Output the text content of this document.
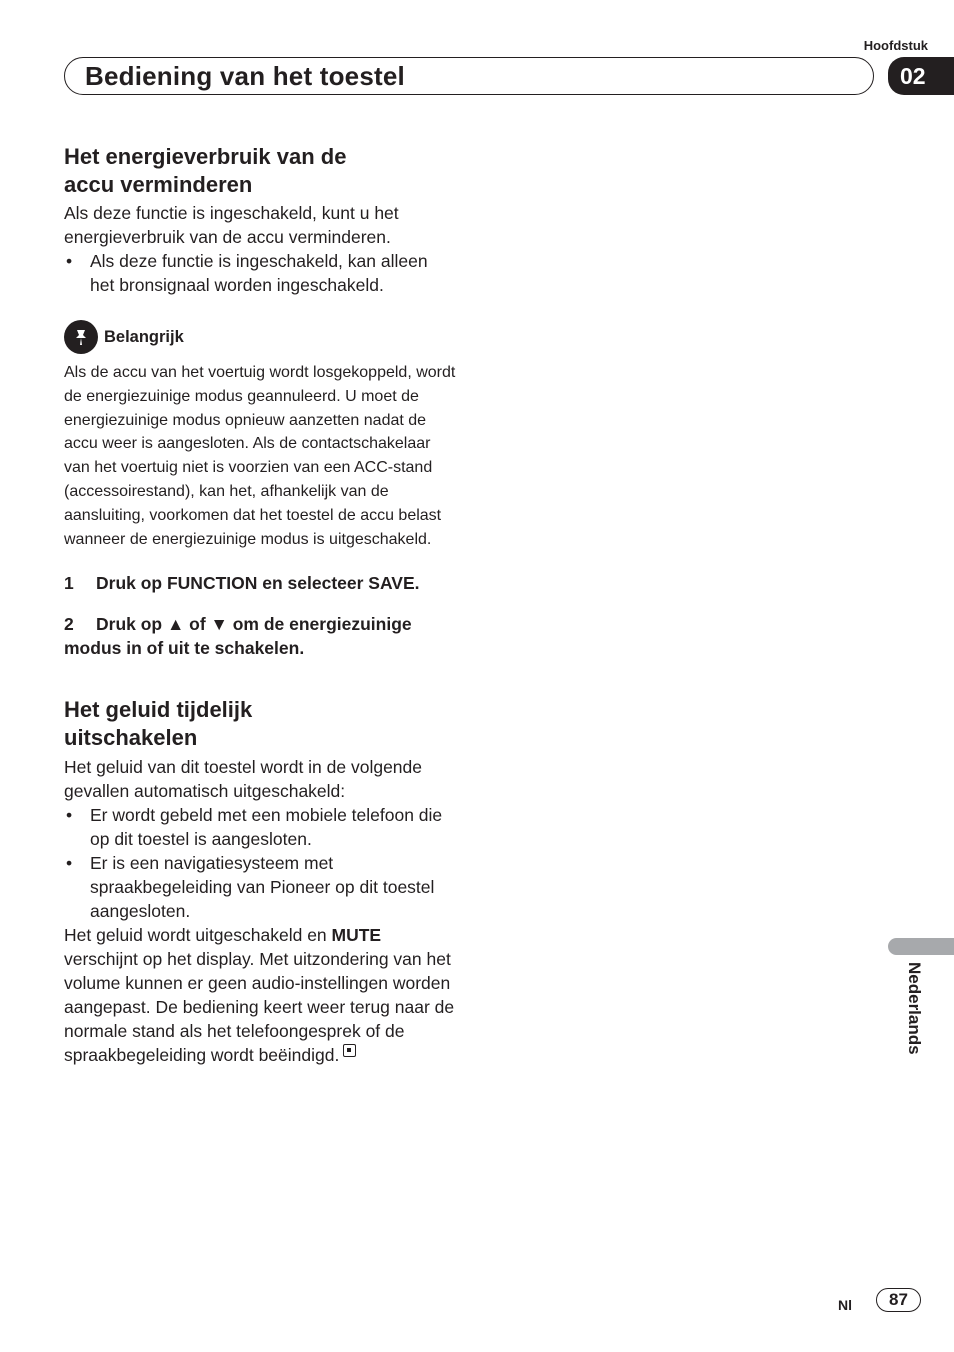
Hoofdstuk
Bediening van het toestel	02
Het energieverbruik van de
accu verminderen

Als deze functie is ingeschakeld, kunt u het energieverbruik van de accu verminderen.

• Als deze functie is ingeschakeld, kan alleen het bronsignaal worden ingeschakeld.
Belangrijk

Als de accu van het voertuig wordt losgekoppeld, wordt de energiezuinige modus geannuleerd. U moet de energiezuinige modus opnieuw aanzetten nadat de accu weer is aangesloten. Als de contactschakelaar van het voertuig niet is voorzien van een ACC-stand (accessoirestand), kan het, afhankelijk van de aansluiting, voorkomen dat het toestel de accu belast wanneer de energiezuinige modus is uitgeschakeld.

1 Druk op FUNCTION en selecteer SAVE.

2 Druk op ▲ of ▼ om de energiezuinige modus in of uit te schakelen.

Het geluid tijdelijk
uitschakelen

Het geluid van dit toestel wordt in de volgende gevallen automatisch uitgeschakeld:

• Er wordt gebeld met een mobiele telefoon die op dit toestel is aangesloten.
• Er is een navigatiesysteem met spraakbegeleiding van Pioneer op dit toestel aangesloten.

Het geluid wordt uitgeschakeld en MUTE verschijnt op het display. Met uitzondering van het volume kunnen er geen audio-instellingen worden aangepast. De bediening keert weer terug naar de normale stand als het telefoongesprek of de spraakbegeleiding wordt beëindigd.

Nederlands
Nl	87
